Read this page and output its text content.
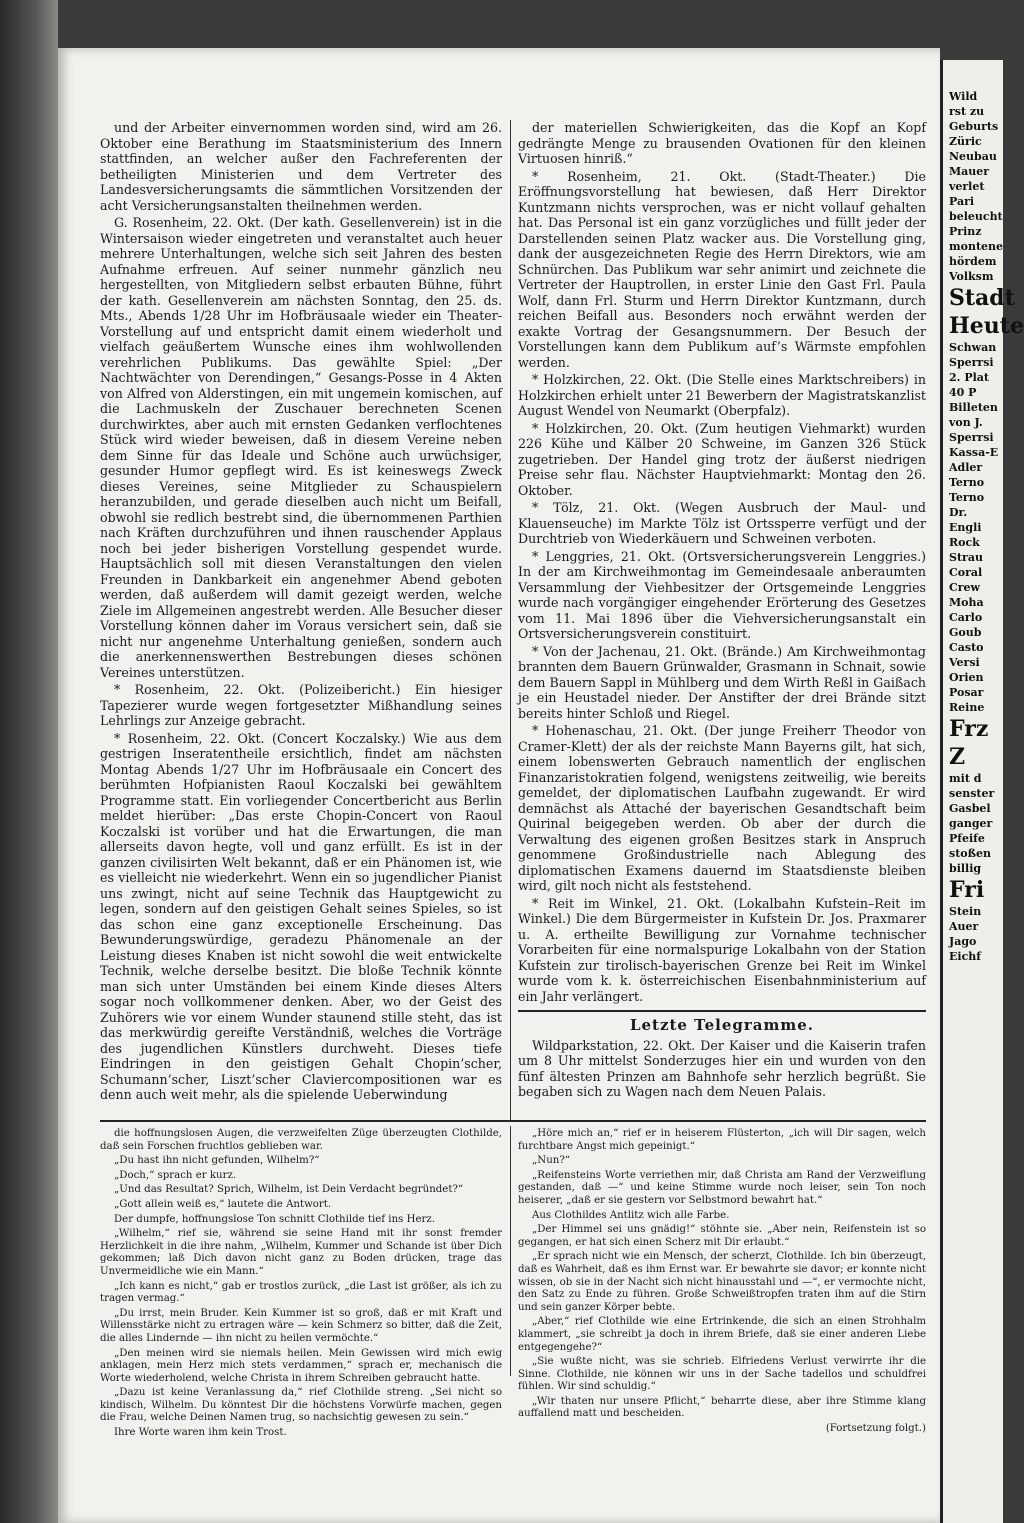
und der Arbeiter einvernommen worden sind, wird am 26. Oktober eine Berathung im Staatsministerium des Innern stattfinden, an welcher außer den Fachreferenten der betheiligten Ministerien und dem Vertreter des Landesversicherungsamts die sämmtlichen Vorsitzenden der acht Versicherungsanstalten theilnehmen werden.

G. Rosenheim, 22. Okt. (Der kath. Gesellenverein) ist in die Wintersaison wieder eingetreten und veranstaltet auch heuer mehrere Unterhaltungen, welche sich seit Jahren des besten Aufnahme erfreuen. Auf seiner nunmehr gänzlich neu hergestellten, von Mitgliedern selbst erbauten Bühne, führt der kath. Gesellenverein am nächsten Sonntag, den 25. ds. Mts., Abends 1/28 Uhr im Hofbräusaale wieder ein Theater-Vorstellung auf und entspricht damit einem wiederholt und vielfach geäußertem Wunsche eines ihm wohlwollenden verehrlichen Publikums. Das gewählte Spiel: „Der Nachtwächter von Derendingen,“ Gesangs-Posse in 4 Akten von Alfred von Alderstingen, ein mit ungemein komischen, auf die Lachmuskeln der Zuschauer berechneten Scenen durchwirktes, aber auch mit ernsten Gedanken verflochtenes Stück wird wieder beweisen, daß in diesem Vereine neben dem Sinne für das Ideale und Schöne auch urwüchsiger, gesunder Humor gepflegt wird. Es ist keineswegs Zweck dieses Vereines, seine Mitglieder zu Schauspielern heranzubilden, und gerade dieselben auch nicht um Beifall, obwohl sie redlich bestrebt sind, die übernommenen Parthien nach Kräften durchzuführen und ihnen rauschender Applaus noch bei jeder bisherigen Vorstellung gespendet wurde. Hauptsächlich soll mit diesen Veranstaltungen den vielen Freunden in Dankbarkeit ein angenehmer Abend geboten werden, daß außerdem will damit gezeigt werden, welche Ziele im Allgemeinen angestrebt werden. Alle Besucher dieser Vorstellung können daher im Voraus versichert sein, daß sie nicht nur angenehme Unterhaltung genießen, sondern auch die anerkennenswerthen Bestrebungen dieses schönen Vereines unterstützen.

* Rosenheim, 22. Okt. (Polizeibericht.) Ein hiesiger Tapezierer wurde wegen fortgesetzter Mißhandlung seines Lehrlings zur Anzeige gebracht.

* Rosenheim, 22. Okt. (Concert Koczalsky.) Wie aus dem gestrigen Inseratentheile ersichtlich, findet am nächsten Montag Abends 1/27 Uhr im Hofbräusaale ein Concert des berühmten Hofpianisten Raoul Koczalski bei gewähltem Programme statt. Ein vorliegender Concertbericht aus Berlin meldet hierüber: „Das erste Chopin-Concert von Raoul Koczalski ist vorüber und hat die Erwartungen, die man allerseits davon hegte, voll und ganz erfüllt. Es ist in der ganzen civilisirten Welt bekannt, daß er ein Phänomen ist, wie es vielleicht nie wiederkehrt. Wenn ein so jugendlicher Pianist uns zwingt, nicht auf seine Technik das Hauptgewicht zu legen, sondern auf den geistigen Gehalt seines Spieles, so ist das schon eine ganz exceptionelle Erscheinung. Das Bewunderungswürdige, geradezu Phänomenale an der Leistung dieses Knaben ist nicht sowohl die weit entwickelte Technik, welche derselbe besitzt. Die bloße Technik könnte man sich unter Umständen bei einem Kinde dieses Alters sogar noch vollkommener denken. Aber, wo der Geist des Zuhörers wie vor einem Wunder staunend stille steht, das ist das merkwürdig gereifte Verständniß, welches die Vorträge des jugendlichen Künstlers durchweht. Dieses tiefe Eindringen in den geistigen Gehalt Chopin’scher, Schumann’scher, Liszt’scher Claviercompositionen war es denn auch weit mehr, als die spielende Ueberwindung

der materiellen Schwierigkeiten, das die Kopf an Kopf gedrängte Menge zu brausenden Ovationen für den kleinen Virtuosen hinriß.“

* Rosenheim, 21. Okt. (Stadt-Theater.) Die Eröffnungsvorstellung hat bewiesen, daß Herr Direktor Kuntzmann nichts versprochen, was er nicht vollauf gehalten hat. Das Personal ist ein ganz vorzügliches und füllt jeder der Darstellenden seinen Platz wacker aus. Die Vorstellung ging, dank der ausgezeichneten Regie des Herrn Direktors, wie am Schnürchen. Das Publikum war sehr animirt und zeichnete die Vertreter der Hauptrollen, in erster Linie den Gast Frl. Paula Wolf, dann Frl. Sturm und Herrn Direktor Kuntzmann, durch reichen Beifall aus. Besonders noch erwähnt werden der exakte Vortrag der Gesangsnummern. Der Besuch der Vorstellungen kann dem Publikum auf’s Wärmste empfohlen werden.

* Holzkirchen, 22. Okt. (Die Stelle eines Marktschreibers) in Holzkirchen erhielt unter 21 Bewerbern der Magistratskanzlist August Wendel von Neumarkt (Oberpfalz).

* Holzkirchen, 20. Okt. (Zum heutigen Viehmarkt) wurden 226 Kühe und Kälber 20 Schweine, im Ganzen 326 Stück zugetrieben. Der Handel ging trotz der äußerst niedrigen Preise sehr flau. Nächster Hauptviehmarkt: Montag den 26. Oktober.

* Tölz, 21. Okt. (Wegen Ausbruch der Maul- und Klauenseuche) im Markte Tölz ist Ortssperre verfügt und der Durchtrieb von Wiederkäuern und Schweinen verboten.

* Lenggries, 21. Okt. (Ortsversicherungsverein Lenggries.) In der am Kirchweihmontag im Gemeindesaale anberaumten Versammlung der Viehbesitzer der Ortsgemeinde Lenggries wurde nach vorgängiger eingehender Erörterung des Gesetzes vom 11. Mai 1896 über die Viehversicherungsanstalt ein Ortsversicherungsverein constituirt.

* Von der Jachenau, 21. Okt. (Brände.) Am Kirchweihmontag brannten dem Bauern Grünwalder, Grasmann in Schnait, sowie dem Bauern Sappl in Mühlberg und dem Wirth Reßl in Gaißach je ein Heustadel nieder. Der Anstifter der drei Brände sitzt bereits hinter Schloß und Riegel.

* Hohenaschau, 21. Okt. (Der junge Freiherr Theodor von Cramer-Klett) der als der reichste Mann Bayerns gilt, hat sich, einem lobenswerten Gebrauch namentlich der englischen Finanzaristokratien folgend, wenigstens zeitweilig, wie bereits gemeldet, der diplomatischen Laufbahn zugewandt. Er wird demnächst als Attaché der bayerischen Gesandtschaft beim Quirinal beigegeben werden. Ob aber der durch die Verwaltung des eigenen großen Besitzes stark in Anspruch genommene Großindustrielle nach Ablegung des diplomatischen Examens dauernd im Staatsdienste bleiben wird, gilt noch nicht als feststehend.

* Reit im Winkel, 21. Okt. (Lokalbahn Kufstein–Reit im Winkel.) Die dem Bürgermeister in Kufstein Dr. Jos. Praxmarer u. A. ertheilte Bewilligung zur Vornahme technischer Vorarbeiten für eine normalspurige Lokalbahn von der Station Kufstein zur tirolisch-bayerischen Grenze bei Reit im Winkel wurde vom k. k. österreichischen Eisenbahnministerium auf ein Jahr verlängert.

Letzte Telegramme.

Wildparkstation, 22. Okt. Der Kaiser und die Kaiserin trafen um 8 Uhr mittelst Sonderzuges hier ein und wurden von den fünf ältesten Prinzen am Bahnhofe sehr herzlich begrüßt. Sie begaben sich zu Wagen nach dem Neuen Palais.

die hoffnungslosen Augen, die verzweifelten Züge überzeugten Clothilde, daß sein Forschen fruchtlos geblieben war.

„Du hast ihn nicht gefunden, Wilhelm?“

„Doch,“ sprach er kurz.

„Und das Resultat? Sprich, Wilhelm, ist Dein Verdacht begründet?“

„Gott allein weiß es,“ lautete die Antwort.

Der dumpfe, hoffnungslose Ton schnitt Clothilde tief ins Herz.

„Wilhelm,“ rief sie, während sie seine Hand mit ihr sonst fremder Herzlichkeit in die ihre nahm, „Wilhelm, Kummer und Schande ist über Dich gekommen; laß Dich davon nicht ganz zu Boden drücken, trage das Unvermeidliche wie ein Mann.“

„Ich kann es nicht,“ gab er trostlos zurück, „die Last ist größer, als ich zu tragen vermag.“

„Du irrst, mein Bruder. Kein Kummer ist so groß, daß er mit Kraft und Willensstärke nicht zu ertragen wäre — kein Schmerz so bitter, daß die Zeit, die alles Lindernde — ihn nicht zu heilen vermöchte.“

„Den meinen wird sie niemals heilen. Mein Gewissen wird mich ewig anklagen, mein Herz mich stets verdammen,“ sprach er, mechanisch die Worte wiederholend, welche Christa in ihrem Schreiben gebraucht hatte.

„Dazu ist keine Veranlassung da,“ rief Clothilde streng. „Sei nicht so kindisch, Wilhelm. Du könntest Dir die höchstens Vorwürfe machen, gegen die Frau, welche Deinen Namen trug, so nachsichtig gewesen zu sein.“

Ihre Worte waren ihm kein Trost.

„Höre mich an,“ rief er in heiserem Flüsterton, „ich will Dir sagen, welch furchtbare Angst mich gepeinigt.“

„Nun?“

„Reifensteins Worte verriethen mir, daß Christa am Rand der Verzweiflung gestanden, daß —“ und keine Stimme wurde noch leiser, sein Ton noch heiserer, „daß er sie gestern vor Selbstmord bewahrt hat.“

Aus Clothildes Antlitz wich alle Farbe.

„Der Himmel sei uns gnädig!“ stöhnte sie. „Aber nein, Reifenstein ist so gegangen, er hat sich einen Scherz mit Dir erlaubt.“

„Er sprach nicht wie ein Mensch, der scherzt, Clothilde. Ich bin überzeugt, daß es Wahrheit, daß es ihm Ernst war. Er bewahrte sie davor; er konnte nicht wissen, ob sie in der Nacht sich nicht hinausstahl und —“, er vermochte nicht, den Satz zu Ende zu führen. Große Schweißtropfen traten ihm auf die Stirn und sein ganzer Körper bebte.

„Aber,“ rief Clothilde wie eine Ertrinkende, die sich an einen Strohhalm klammert, „sie schreibt ja doch in ihrem Briefe, daß sie einer anderen Liebe entgegengehe?“

„Sie wußte nicht, was sie schrieb. Elfriedens Verlust verwirrte ihr die Sinne. Clothilde, nie können wir uns in der Sache tadellos und schuldfrei fühlen. Wir sind schuldig.“

„Wir thaten nur unsere Pflicht,“ beharrte diese, aber ihre Stimme klang auffallend matt und bescheiden.

(Fortsetzung folgt.)

Wild
rst zu
Geburts
Züric
Neubau
Mauer
verlet
Pari
beleucht
Prinz
montene
hördem
Volksm
Stadt
Heute
Schwan
Sperrsi
2. Plat
40 P
Billeten
von J.
Sperrsi
Kassa-E
Adler
Terno
Terno
Dr.
Engli
Rock
Strau
Coral
Crew
Moha
Carlo
Goub
Casto
Versi
Orien
Posar
Reine
Frz
Z
mit d
senster
Gasbel
ganger
Pfeife
stoßen
billig
Fri
Stein
Auer
Jago
Eichf
